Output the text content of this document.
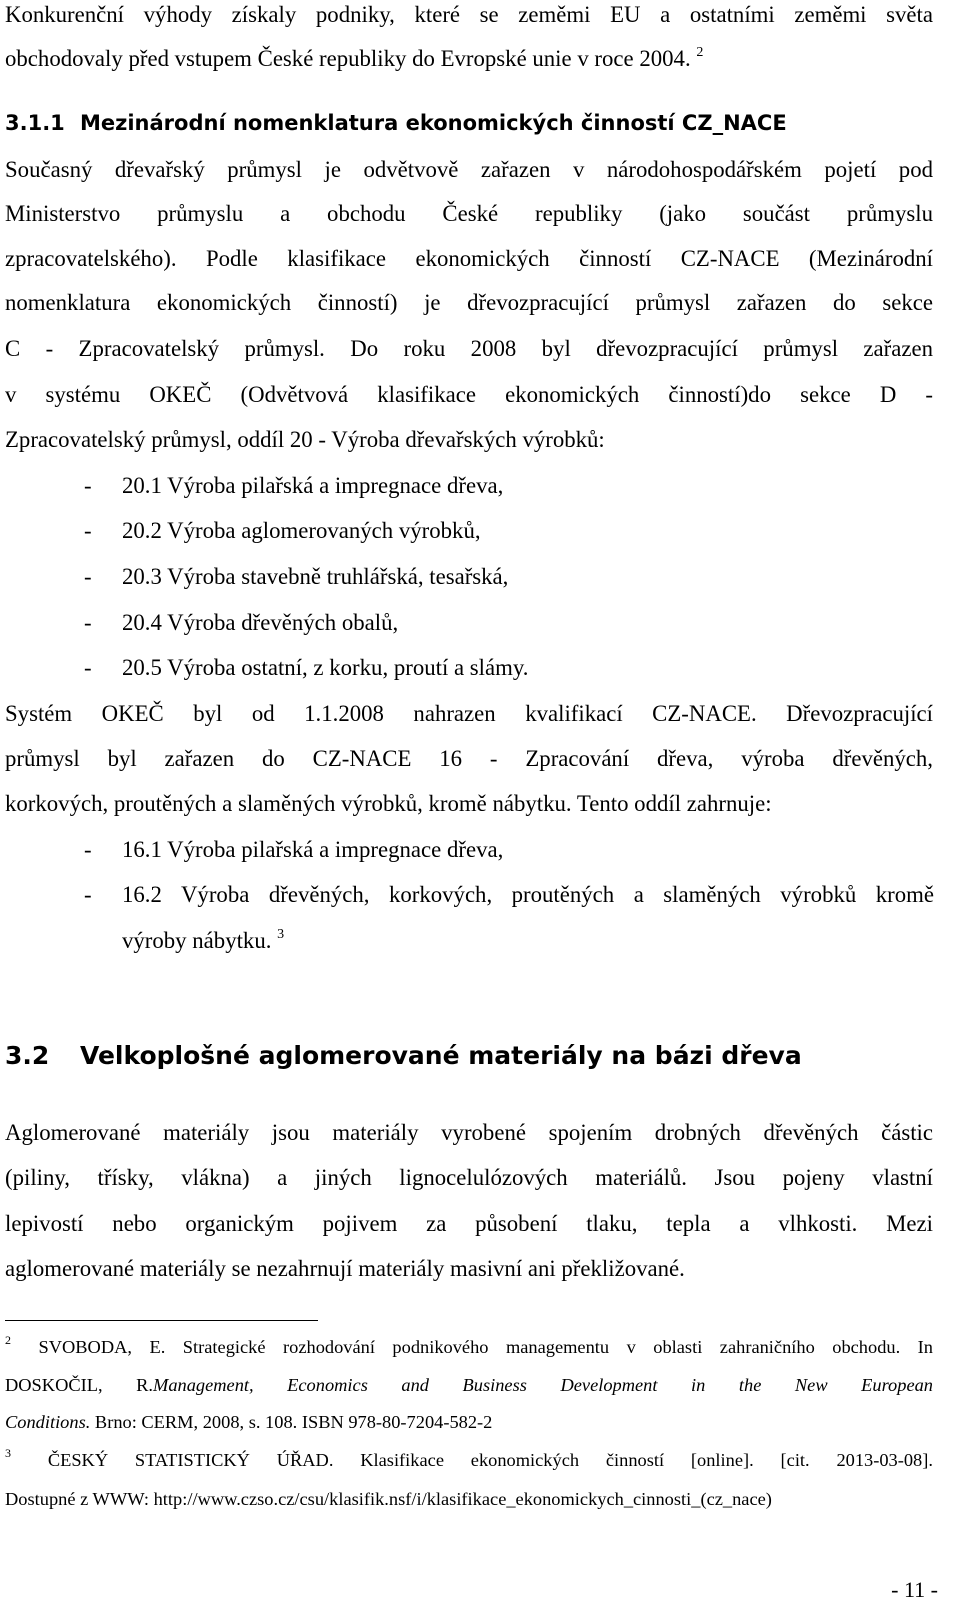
Konkurenční výhody získaly podniky, které se zeměmi EU a ostatními zeměmi světa
obchodovaly před vstupem České republiky do Evropské unie v roce 2004. $^2$
3.1.1 Mezinárodní nomenklatura ekonomických činností CZ_NACE
Současný dřevařský průmysl je odvětvově zařazen v národohospodářském pojetí pod
Ministerstvo průmyslu a obchodu České republiky (jako součást průmyslu
zpracovatelského). Podle klasifikace ekonomických činností CZ-NACE (Mezinárodní
nomenklatura ekonomických činností) je dřevozpracující průmysl zařazen do sekce
C - Zpracovatelský průmysl. Do roku 2008 byl dřevozpracující průmysl zařazen
v systému OKEČ (Odvětvová klasifikace ekonomických činností)do sekce D -
Zpracovatelský průmysl, oddíl 20 - Výroba dřevařských výrobků:
- 20.1 Výroba pilařská a impregnace dřeva,
- 20.2 Výroba aglomerovaných výrobků,
- 20.3 Výroba stavebně truhlářská, tesařská,
- 20.4 Výroba dřevěných obalů,
- 20.5 Výroba ostatní, z korku, proutí a slámy.
Systém OKEČ byl od 1.1.2008 nahrazen kvalifikací CZ-NACE. Dřevozpracující
průmysl byl zařazen do CZ-NACE 16 - Zpracování dřeva, výroba dřevěných,
korkových, proutěných a slaměných výrobků, kromě nábytku. Tento oddíl zahrnuje:
- 16.1 Výroba pilařská a impregnace dřeva,
- 16.2 Výroba dřevěných, korkových, proutěných a slaměných výrobků kromě
výroby nábytku. $^3$
3.2 Velkoplošné aglomerované materiály na bázi dřeva
Aglomerované materiály jsou materiály vyrobené spojením drobných dřevěných částic
(piliny, třísky, vlákna) a jiných lignocelulózových materiálů. Jsou pojeny vlastní
lepivostí nebo organickým pojivem za působení tlaku, tepla a vlhkosti. Mezi
aglomerované materiály se nezahrnují materiály masivní ani překližované.
$^2$ SVOBODA, E. Strategické rozhodování podnikového managementu v oblasti zahraničního obchodu. In
DOSKOČIL, R.Management, Economics and Business Development in the New European
Conditions. Brno: CERM, 2008, s. 108. ISBN 978-80-7204-582-2
$^3$ ČESKÝ STATISTICKÝ ÚŘAD. Klasifikace ekonomických činností [online]. [cit. 2013-03-08].
Dostupné z WWW: http://www.czso.cz/csu/klasifik.nsf/i/klasifikace_ekonomickych_cinnosti_(cz_nace)
- 11 -
